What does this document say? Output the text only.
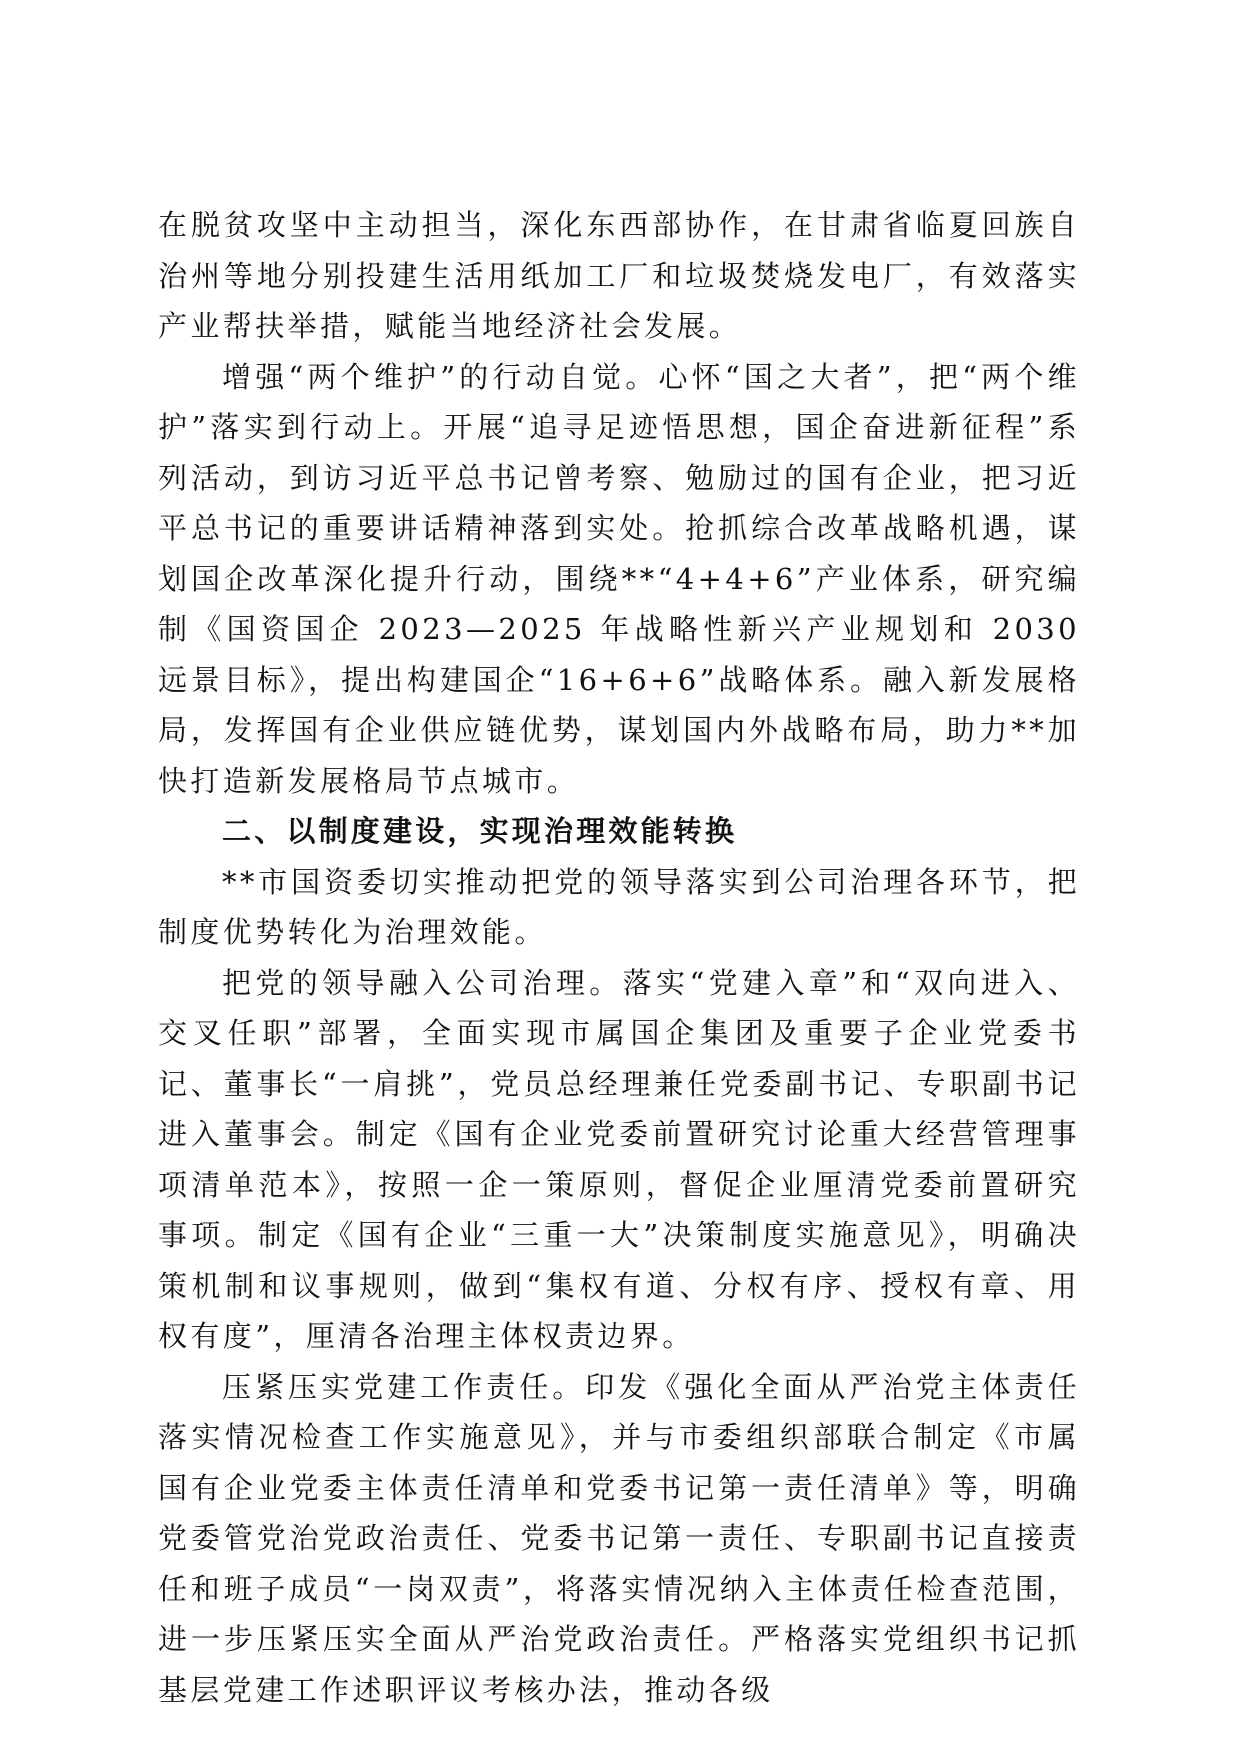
在脱贫攻坚中主动担当，深化东西部协作，在甘肃省临夏回族自治州等地分别投建生活用纸加工厂和垃圾焚烧发电厂，有效落实产业帮扶举措，赋能当地经济社会发展。

增强“两个维护”的行动自觉。心怀“国之大者”，把“两个维护”落实到行动上。开展“追寻足迹悟思想，国企奋进新征程”系列活动，到访习近平总书记曾考察、勉励过的国有企业，把习近平总书记的重要讲话精神落到实处。抢抓综合改革战略机遇，谋划国企改革深化提升行动，围绕**“4+4+6”产业体系，研究编制《国资国企 2023—2025 年战略性新兴产业规划和 2030 远景目标》，提出构建国企“16+6+6”战略体系。融入新发展格局，发挥国有企业供应链优势，谋划国内外战略布局，助力**加快打造新发展格局节点城市。

二、以制度建设，实现治理效能转换

**市国资委切实推动把党的领导落实到公司治理各环节，把制度优势转化为治理效能。

把党的领导融入公司治理。落实“党建入章”和“双向进入、交叉任职”部署，全面实现市属国企集团及重要子企业党委书记、董事长“一肩挑”，党员总经理兼任党委副书记、专职副书记进入董事会。制定《国有企业党委前置研究讨论重大经营管理事项清单范本》，按照一企一策原则，督促企业厘清党委前置研究事项。制定《国有企业“三重一大”决策制度实施意见》，明确决策机制和议事规则，做到“集权有道、分权有序、授权有章、用权有度”，厘清各治理主体权责边界。

压紧压实党建工作责任。印发《强化全面从严治党主体责任落实情况检查工作实施意见》，并与市委组织部联合制定《市属国有企业党委主体责任清单和党委书记第一责任清单》等，明确党委管党治党政治责任、党委书记第一责任、专职副书记直接责任和班子成员“一岗双责”，将落实情况纳入主体责任检查范围，进一步压紧压实全面从严治党政治责任。严格落实党组织书记抓基层党建工作述职评议考核办法，推动各级
